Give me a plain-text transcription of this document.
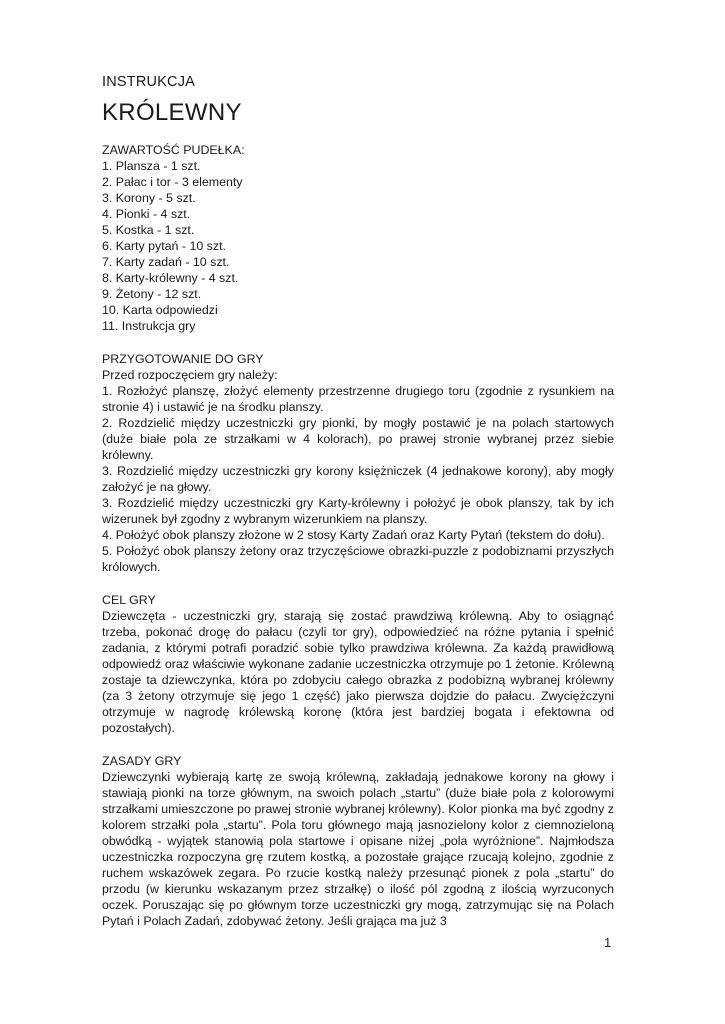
INSTRUKCJA
KRÓLEWNY
ZAWARTOŚĆ PUDEŁKA:
1. Plansza - 1 szt.
2. Pałac i tor - 3 elementy
3. Korony - 5 szt.
4. Pionki - 4 szt.
5. Kostka - 1 szt.
6. Karty pytań - 10 szt.
7. Karty zadań - 10 szt.
8. Karty-królewny - 4 szt.
9. Żetony - 12 szt.
10. Karta odpowiedzi
11. Instrukcja gry
PRZYGOTOWANIE DO GRY

Przed rozpoczęciem gry należy:

1. Rozłożyć planszę, złożyć elementy przestrzenne drugiego toru (zgodnie z rysunkiem na stronie 4) i ustawić je na środku planszy.

2. Rozdzielić między uczestniczki gry pionki, by mogły postawić je na polach startowych (duże białe pola ze strzałkami w 4 kolorach), po prawej stronie wybranej przez siebie królewny.

3. Rozdzielić między uczestniczki gry korony księżniczek (4 jednakowe korony), aby mogły założyć je na głowy.

3. Rozdzielić między uczestniczki gry Karty-królewny i położyć je obok planszy, tak by ich wizerunek był zgodny z wybranym wizerunkiem na planszy.

4. Położyć obok planszy złożone w 2 stosy Karty Zadań oraz Karty Pytań (tekstem do dołu).

5. Położyć obok planszy żetony oraz trzyczęściowe obrazki-puzzle z podobiznami przyszłych królowych.

CEL GRY

Dziewczęta - uczestniczki gry, starają się zostać prawdziwą królewną. Aby to osiągnąć trzeba, pokonać drogę do pałacu (czyli tor gry), odpowiedzieć na różne pytania i spełnić zadania, z którymi potrafi poradzić sobie tylko prawdziwa królewna. Za każdą prawidłową odpowiedź oraz właściwie wykonane zadanie uczestniczka otrzymuje po 1 żetonie. Królewną zostaje ta dziewczynka, która po zdobyciu całego obrazka z podobizną wybranej królewny (za 3 żetony otrzymuje się jego 1 część) jako pierwsza dojdzie do pałacu. Zwyciężczyni otrzymuje w nagrodę królewską koronę (która jest bardziej bogata i efektowna od pozostałych).

ZASADY GRY

Dziewczynki wybierają kartę ze swoją królewną, zakładają jednakowe korony na głowy i stawiają pionki na torze głównym, na swoich polach „startu” (duże białe pola z kolorowymi strzałkami umieszczone po prawej stronie wybranej królewny). Kolor pionka ma być zgodny z kolorem strzałki pola „startu”. Pola toru głównego mają jasnozielony kolor z ciemnozieloną obwódką - wyjątek stanowią pola startowe i opisane niżej „pola wyróżnione”. Najmłodsza uczestniczka rozpoczyna grę rzutem kostką, a pozostałe grające rzucają kolejno, zgodnie z ruchem wskazówek zegara. Po rzucie kostką należy przesunąć pionek z pola „startu” do przodu (w kierunku wskazanym przez strzałkę) o ilość pól zgodną z ilością wyrzuconych oczek. Poruszając się po głównym torze uczestniczki gry mogą, zatrzymując się na Polach Pytań i Polach Zadań, zdobywać żetony. Jeśli grająca ma już 3

1
